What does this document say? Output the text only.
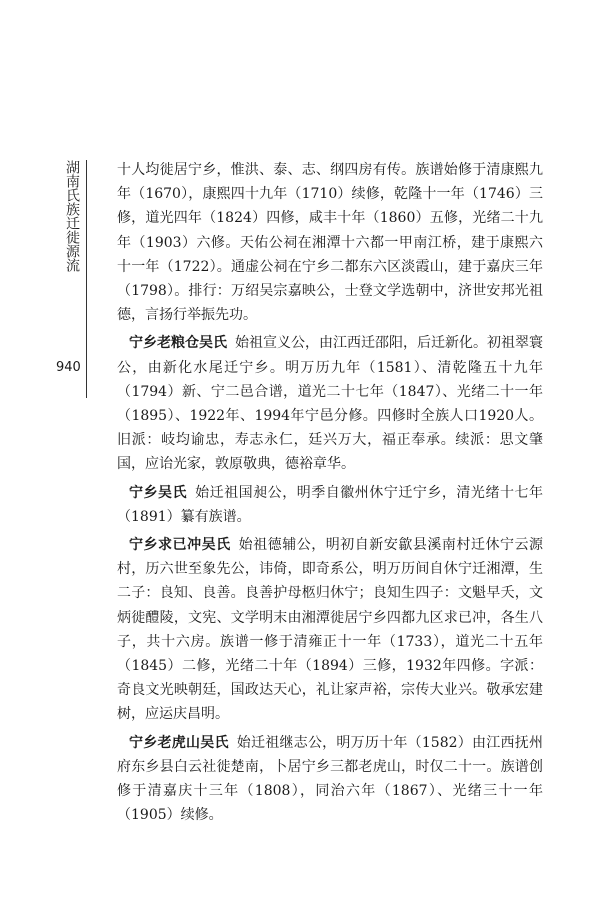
湖南氏族迁徙源流
940

十人均徙居宁乡，惟洪、泰、志、纲四房有传。族谱始修于清康熙九年（1670），康熙四十九年（1710）续修，乾隆十一年（1746）三修，道光四年（1824）四修，咸丰十年（1860）五修，光绪二十九年（1903）六修。天佑公祠在湘潭十六都一甲南江桥，建于康熙六十一年（1722）。通虚公祠在宁乡二都东六区淡霞山，建于嘉庆三年（1798）。排行：万绍吴宗嘉映公，士登文学选朝中，济世安邦光祖德，言扬行举振先功。

宁乡老粮仓吴氏 始祖宣义公，由江西迁邵阳，后迁新化。初祖翠寰公，由新化水尾迁宁乡。明万历九年（1581）、清乾隆五十九年（1794）新、宁二邑合谱，道光二十七年（1847）、光绪二十一年（1895）、1922年、1994年宁邑分修。四修时全族人口1920人。旧派：岐均谕忠，寿志永仁，廷兴万大，福正奉承。续派：思文肇国，应诒光家，敦原敬典，德裕章华。

宁乡吴氏 始迁祖国昶公，明季自徽州休宁迁宁乡，清光绪十七年（1891）纂有族谱。

宁乡求已冲吴氏 始祖德辅公，明初自新安歙县溪南村迁休宁云源村，历六世至象先公，讳倚，即奇系公，明万历间自休宁迁湘潭，生二子：良知、良善。良善护母柩归休宁；良知生四子：文魁早夭，文炳徙醴陵，文宪、文学明末由湘潭徙居宁乡四都九区求已冲，各生八子，共十六房。族谱一修于清雍正十一年（1733），道光二十五年（1845）二修，光绪二十年（1894）三修，1932年四修。字派：奇良文光映朝廷，国政达天心，礼让家声裕，宗传大业兴。敬承宏建树，应运庆昌明。

宁乡老虎山吴氏 始迁祖继志公，明万历十年（1582）由江西抚州府东乡县白云社徙楚南，卜居宁乡三都老虎山，时仅二十一。族谱创修于清嘉庆十三年（1808），同治六年（1867）、光绪三十一年（1905）续修。
